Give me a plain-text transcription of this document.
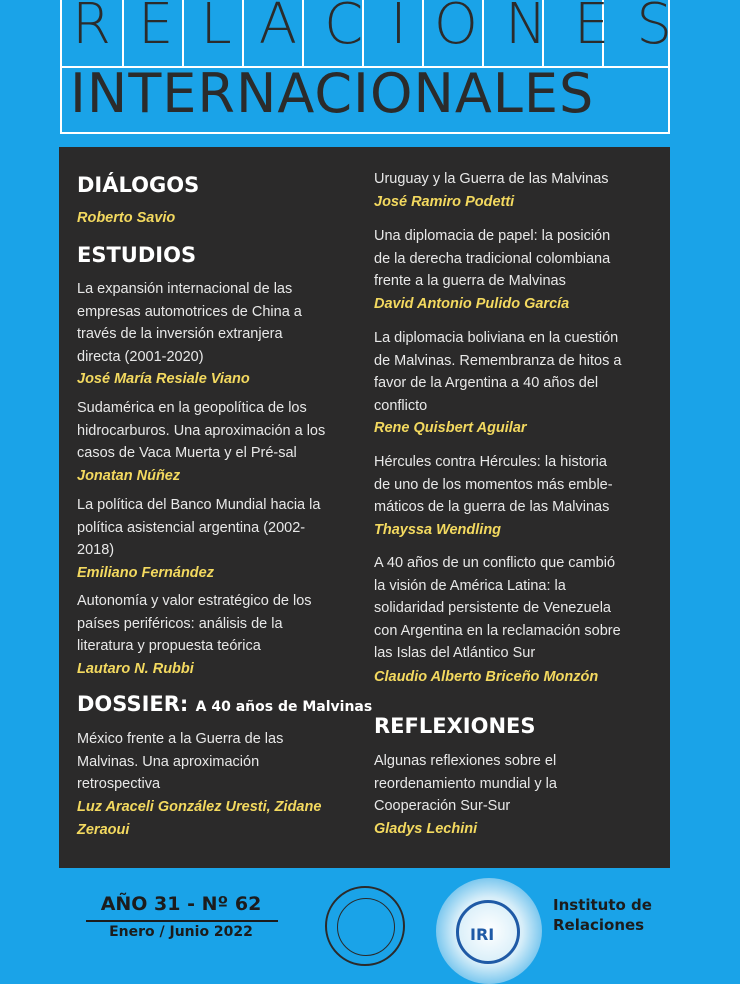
R E L A C I O N E S
INTERNACIONALES
DIÁLOGOS
Roberto Savio
ESTUDIOS
La expansión internacional de las
empresas automotrices de China a
través de la inversión extranjera
directa (2001-2020)
José María Resiale Viano
Sudamérica en la geopolítica de los
hidrocarburos. Una aproximación a los
casos de Vaca Muerta y el Pré-sal
Jonatan Núñez
La política del Banco Mundial hacia la
política asistencial argentina (2002-
2018)
Emiliano Fernández
Autonomía y valor estratégico de los
países periféricos: análisis de la
literatura y propuesta teórica
Lautaro N. Rubbi
DOSSIER: A 40 años de Malvinas
México frente a la Guerra de las
Malvinas. Una aproximación
retrospectiva
Luz Araceli González Uresti, Zidane
Zeraoui
Uruguay y la Guerra de las Malvinas
José Ramiro Podetti
Una diplomacia de papel: la posición
de la derecha tradicional colombiana
frente a la guerra de Malvinas
David Antonio Pulido García
La diplomacia boliviana en la cuestión
de Malvinas. Remembranza de hitos a
favor de la Argentina a 40 años del
conflicto
Rene Quisbert Aguilar
Hércules contra Hércules: la historia
de uno de los momentos más emble-
máticos de la guerra de las Malvinas
Thayssa Wendling
A 40 años de un conflicto que cambió
la visión de América Latina: la
solidaridad persistente de Venezuela
con Argentina en la reclamación sobre
las Islas del Atlántico Sur
Claudio Alberto Briceño Monzón
REFLEXIONES
Algunas reflexiones sobre el
reordenamiento mundial y la
Cooperación Sur-Sur
Gladys Lechini
AÑO 31 - Nº 62
Enero / Junio 2022	IRI
Instituto de
Relaciones
